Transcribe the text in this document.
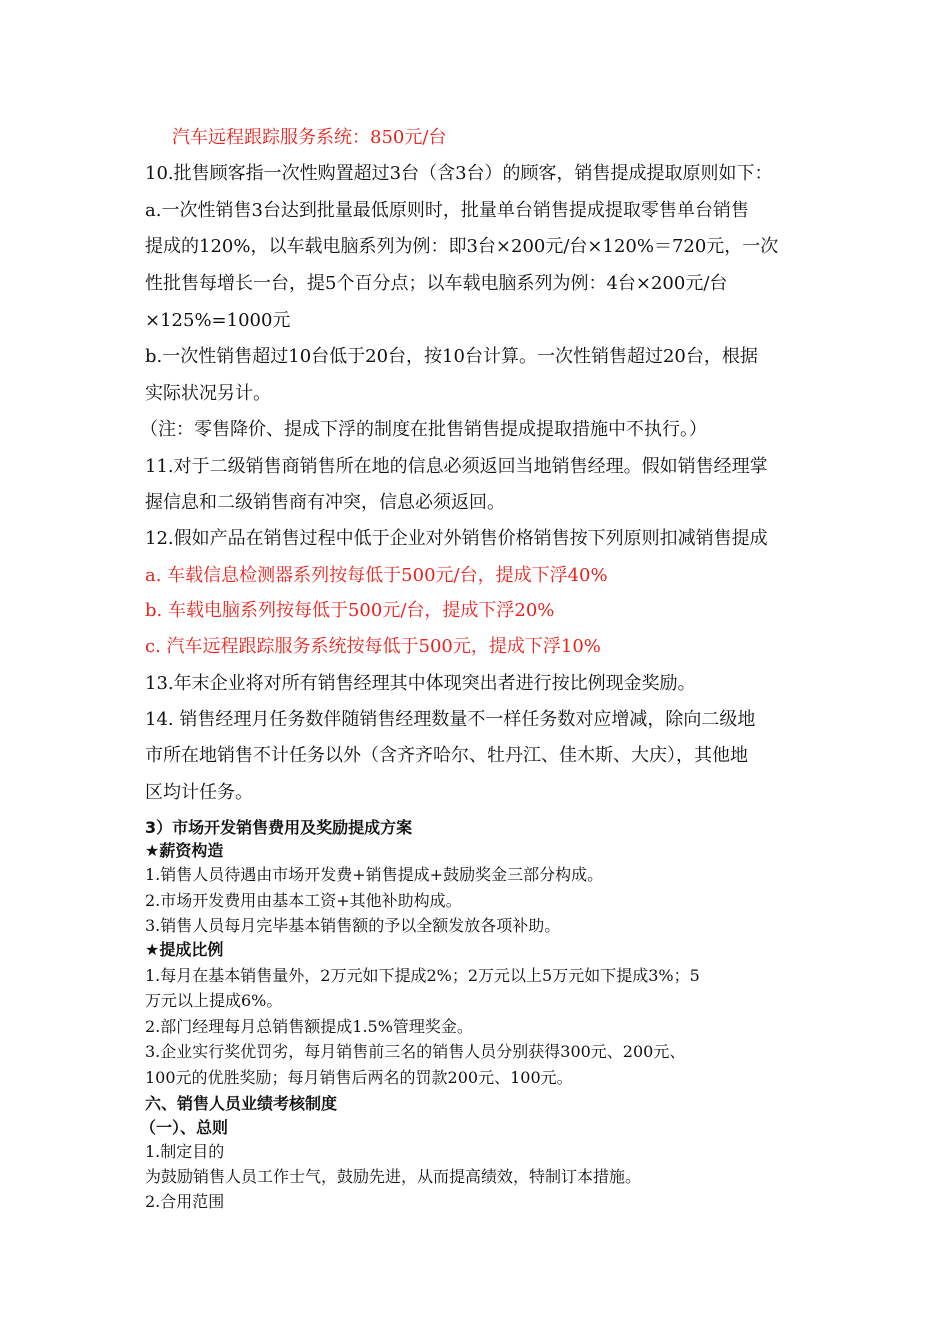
汽车远程跟踪服务系统：850元/台
10.批售顾客指一次性购置超过3台（含3台）的顾客，销售提成提取原则如下：
a.一次性销售3台达到批量最低原则时，批量单台销售提成提取零售单台销售
提成的120%，以车载电脑系列为例：即3台×200元/台×120%＝720元，一次
性批售每增长一台，提5个百分点；以车载电脑系列为例：4台×200元/台
×125%=1000元
b.一次性销售超过10台低于20台，按10台计算。一次性销售超过20台，根据
实际状况另计。
（注：零售降价、提成下浮的制度在批售销售提成提取措施中不执行。）
11.对于二级销售商销售所在地的信息必须返回当地销售经理。假如销售经理掌
握信息和二级销售商有冲突，信息必须返回。
12.假如产品在销售过程中低于企业对外销售价格销售按下列原则扣减销售提成
a. 车载信息检测器系列按每低于500元/台，提成下浮40%
b. 车载电脑系列按每低于500元/台，提成下浮20%
c. 汽车远程跟踪服务系统按每低于500元，提成下浮10%
13.年末企业将对所有销售经理其中体现突出者进行按比例现金奖励。
14. 销售经理月任务数伴随销售经理数量不一样任务数对应增减，除向二级地
市所在地销售不计任务以外（含齐齐哈尔、牡丹江、佳木斯、大庆），其他地
区均计任务。
3）市场开发销售费用及奖励提成方案
★薪资构造
1.销售人员待遇由市场开发费+销售提成+鼓励奖金三部分构成。
2.市场开发费用由基本工资+其他补助构成。
3.销售人员每月完毕基本销售额的予以全额发放各项补助。
★提成比例
1.每月在基本销售量外，2万元如下提成2%；2万元以上5万元如下提成3%；5
万元以上提成6%。
2.部门经理每月总销售额提成1.5%管理奖金。
3.企业实行奖优罚劣，每月销售前三名的销售人员分别获得300元、200元、
100元的优胜奖励；每月销售后两名的罚款200元、100元。
六、销售人员业绩考核制度
（一）、总则
1.制定目的
为鼓励销售人员工作士气，鼓励先进，从而提高绩效，特制订本措施。
2.合用范围
